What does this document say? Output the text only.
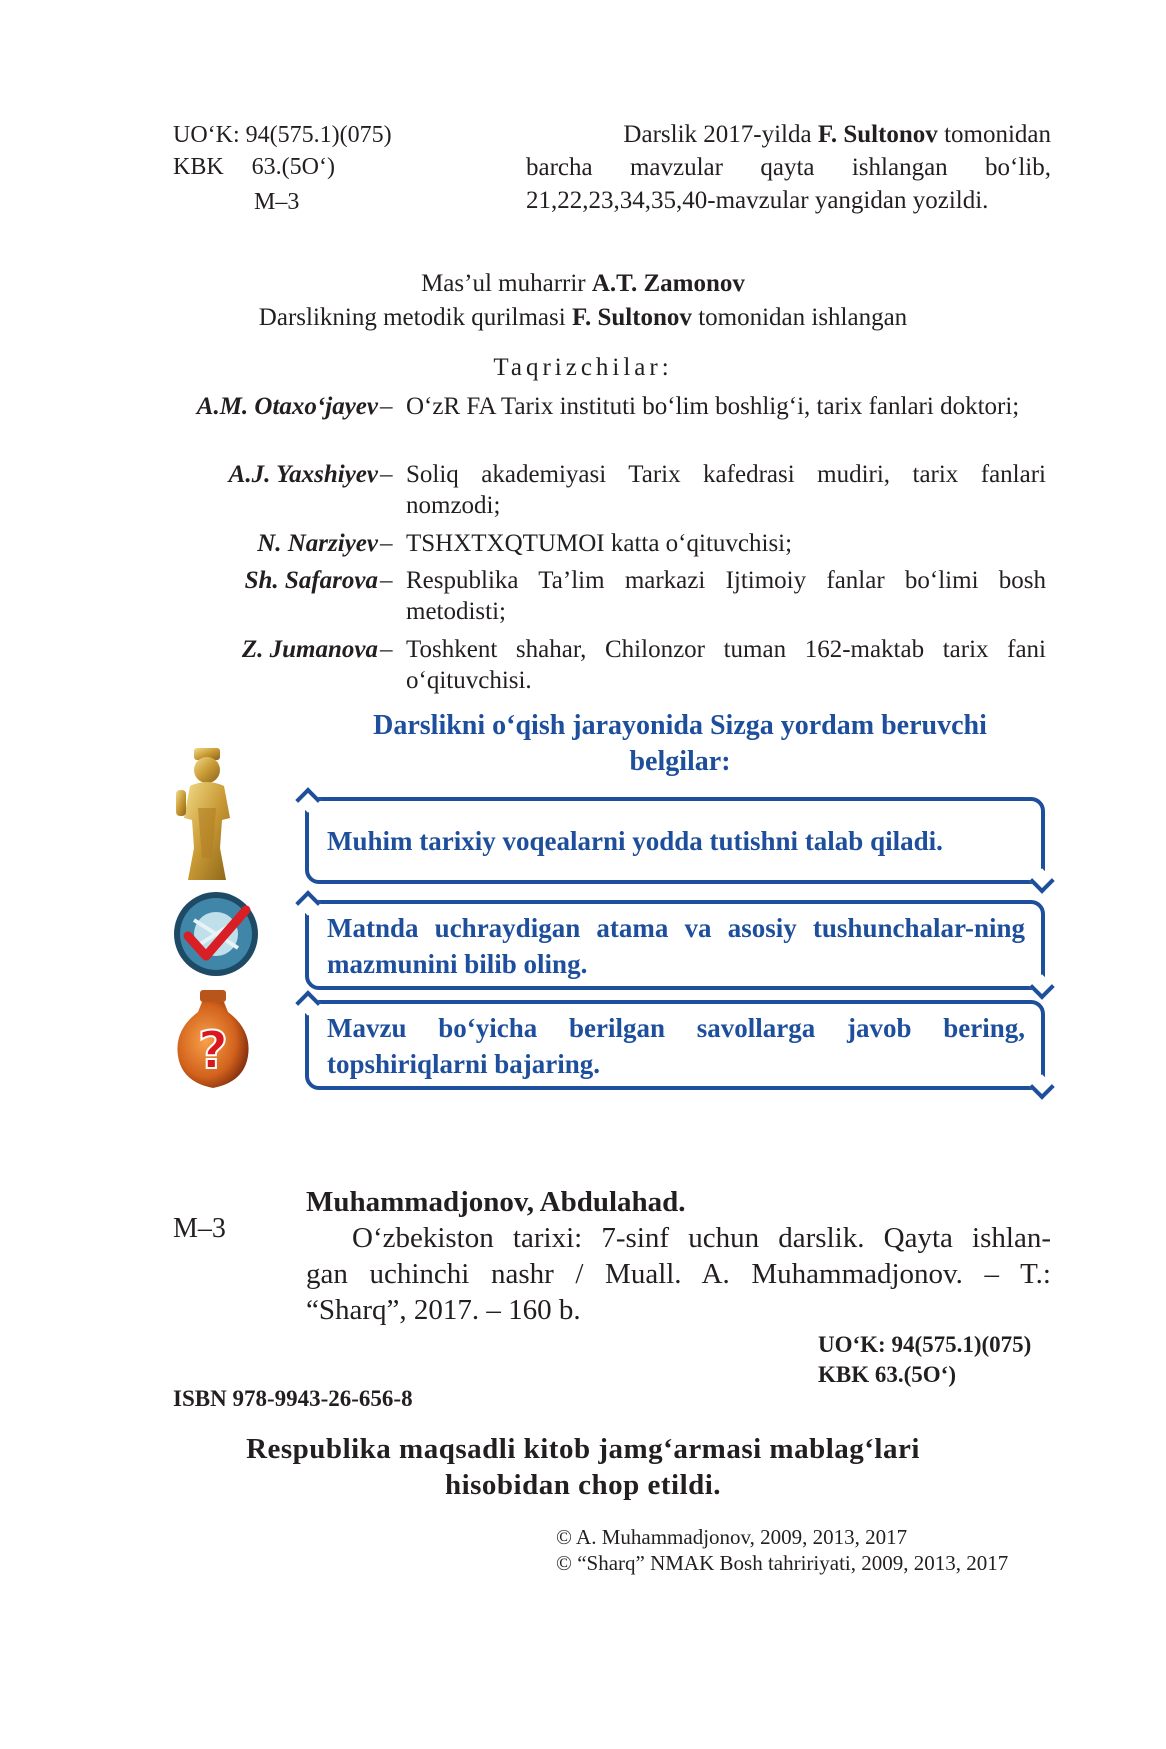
UO‘K: 94(575.1)(075)
KBK 63.(5O‘)
M–3
Darslik 2017-yilda F. Sultonov tomonidan
barcha mavzular qayta ishlangan bo‘lib,
21,22,23,34,35,40-mavzular yangidan yozildi.
Mas’ul muharrir A.T. Zamonov
Darslikning metodik qurilmasi F. Sultonov tomonidan ishlangan
Taqrizchilar:
A.M. Otaxo‘jayev – O‘zR FA Tarix instituti bo‘lim boshlig‘i, tarix fanlari doktori;
A.J. Yaxshiyev – Soliq akademiyasi Tarix kafedrasi mudiri, tarix fanlari nomzodi;
N. Narziyev – TSHXTXQTUMOI katta o‘qituvchisi;
Sh. Safarova – Respublika Ta’lim markazi Ijtimoiy fanlar bo‘limi bosh metodisti;
Z. Jumanova – Toshkent shahar, Chilonzor tuman 162-maktab tarix fani o‘qituvchisi.
Darslikni o‘qish jarayonida Sizga yordam beruvchi
belgilar:
?
Muhim tarixiy voqealarni yodda tutishni talab qiladi.
Matnda uchraydigan atama va asosiy tushunchalar-ning mazmunini bilib oling.
Mavzu bo‘yicha berilgan savollarga javob bering, topshiriqlarni bajaring.
M–3
Muhammadjonov, Abdulahad.
O‘zbekiston tarixi: 7-sinf uchun darslik. Qayta ishlan-
gan uchinchi nashr / Muall. A. Muhammadjonov. – T.:
“Sharq”, 2017. – 160 b.
UO‘K: 94(575.1)(075)
KBK 63.(5O‘)
ISBN 978-9943-26-656-8
Respublika maqsadli kitob jamg‘armasi mablag‘lari
hisobidan chop etildi.
© A. Muhammadjonov, 2009, 2013, 2017
© “Sharq” NMAK Bosh tahririyati, 2009, 2013, 2017
